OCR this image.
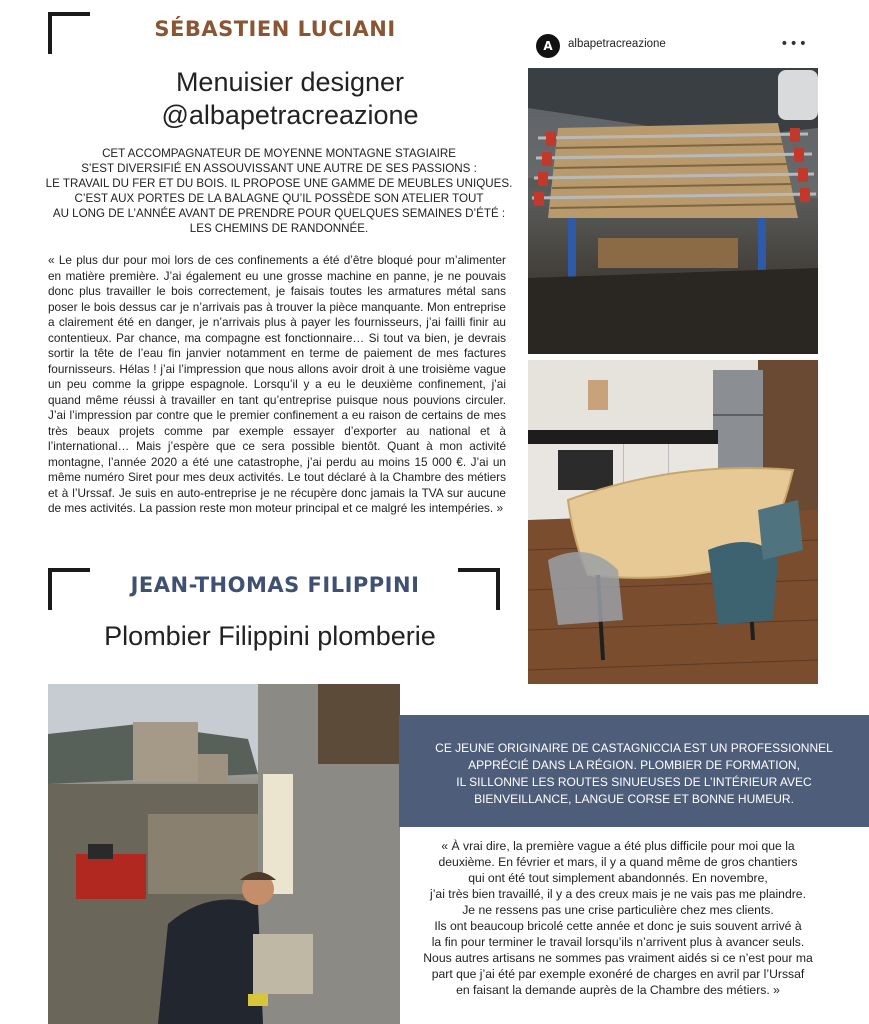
SÉBASTIEN LUCIANI
Menuisier designer
@albapetracreazione
CET ACCOMPAGNATEUR DE MOYENNE MONTAGNE STAGIAIRE
S’EST DIVERSIFIÉ EN ASSOUVISSANT UNE AUTRE DE SES PASSIONS :
LE TRAVAIL DU FER ET DU BOIS. IL PROPOSE UNE GAMME DE MEUBLES UNIQUES.
C’EST AUX PORTES DE LA BALAGNE QU’IL POSSÈDE SON ATELIER TOUT
AU LONG DE L’ANNÉE AVANT DE PRENDRE POUR QUELQUES SEMAINES D’ÉTÉ :
LES CHEMINS DE RANDONNÉE.
« Le plus dur pour moi lors de ces confinements a été d’être bloqué pour m’alimenter en matière première. J’ai également eu une grosse machine en panne, je ne pouvais donc plus travailler le bois correctement, je faisais toutes les armatures métal sans poser le bois dessus car je n’arrivais pas à trouver la pièce manquante. Mon entreprise a clairement été en danger, je n’arrivais plus à payer les fournisseurs, j’ai failli finir au contentieux. Par chance, ma compagne est fonctionnaire… Si tout va bien, je devrais sortir la tête de l’eau fin janvier notamment en terme de paiement de mes factures fournisseurs. Hélas ! j’ai l’impression que nous allons avoir droit à une troisième vague un peu comme la grippe espagnole. Lorsqu’il y a eu le deuxième confinement, j’ai quand même réussi à travailler en tant qu’entreprise puisque nous pouvions circuler. J’ai l’impression par contre que le premier confinement a eu raison de certains de mes très beaux projets comme par exemple essayer d’exporter au national et à l’international… Mais j’espère que ce sera possible bientôt. Quant à mon activité montagne, l’année 2020 a été une catastrophe, j’ai perdu au moins 15 000 €. J’ai un même numéro Siret pour mes deux activités. Le tout déclaré à la Chambre des métiers et à l’Urssaf. Je suis en auto-entreprise je ne récupère donc jamais la TVA sur aucune de mes activités. La passion reste mon moteur principal et ce malgré les intempéries. »
A	albapetracreazione	•••
JEAN-THOMAS FILIPPINI
Plombier Filippini plomberie
CE JEUNE ORIGINAIRE DE CASTAGNICCIA EST UN PROFESSIONNEL
APPRÉCIÉ DANS LA RÉGION. PLOMBIER DE FORMATION,
IL SILLONNE LES ROUTES SINUEUSES DE L’INTÉRIEUR AVEC
BIENVEILLANCE, LANGUE CORSE ET BONNE HUMEUR.
« À vrai dire, la première vague a été plus difficile pour moi que la
deuxième. En février et mars, il y a quand même de gros chantiers
qui ont été tout simplement abandonnés. En novembre,
j’ai très bien travaillé, il y a des creux mais je ne vais pas me plaindre.
Je ne ressens pas une crise particulière chez mes clients.
Ils ont beaucoup bricolé cette année et donc je suis souvent arrivé à
la fin pour terminer le travail lorsqu’ils n’arrivent plus à avancer seuls.
Nous autres artisans ne sommes pas vraiment aidés si ce n’est pour ma
part que j’ai été par exemple exonéré de charges en avril par l’Urssaf
en faisant la demande auprès de la Chambre des métiers. »
